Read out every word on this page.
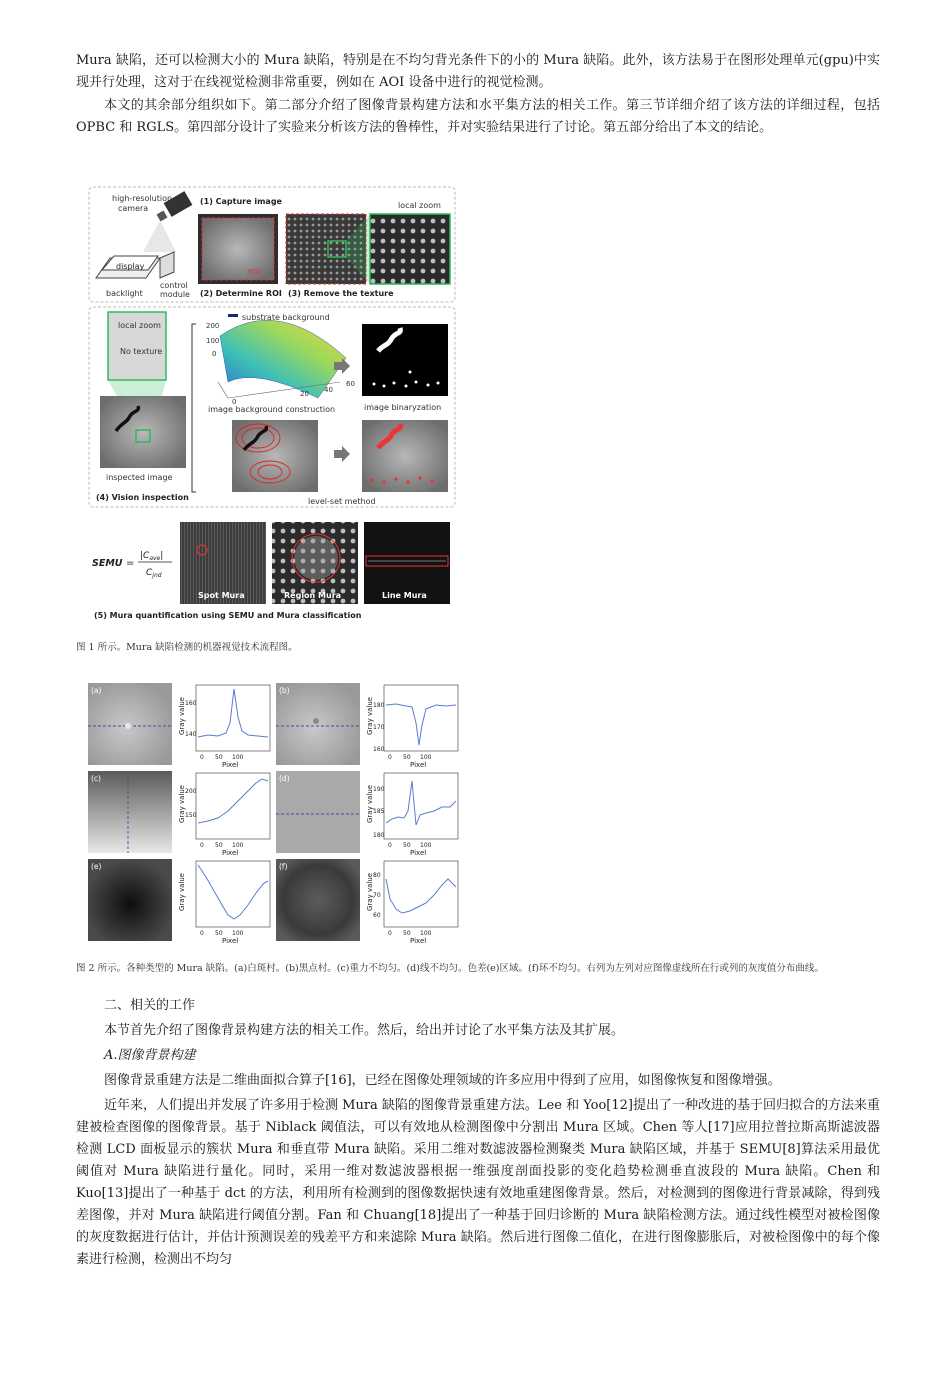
Mura 缺陷，还可以检测大小的 Mura 缺陷，特别是在不均匀背光条件下的小的 Mura 缺陷。此外，该方法易于在图形处理单元(gpu)中实现并行处理，这对于在线视觉检测非常重要，例如在 AOI 设备中进行的视觉检测。

本文的其余部分组织如下。第二部分介绍了图像背景构建方法和水平集方法的相关工作。第三节详细介绍了该方法的详细过程，包括 OPBC 和 RGLS。第四部分设计了实验来分析该方法的鲁棒性，并对实验结果进行了讨论。第五部分给出了本文的结论。

high-resolution
camera
display
backlight
control
module
(1) Capture image	local zoom
ROI
(2) Determine ROI (3) Remove the texture
local zoom
No texture
inspected image
(4) Vision inspection
substrate background
200
100
0
0
20 40
60
image background construction	image binaryzation
level-set method
SEMU =
$|C_{ave}|$
$C_{jnd}$
Spot Mura	Region Mura	Line Mura
(5) Mura quantification using SEMU and Mura classification

图 1 所示。Mura 缺陷检测的机器视觉技术流程图。

(a)
Gray value 160
140
0 50 100
Pixel
(b)
Gray value 180
170
160
0 50 100
Pixel
(c)
Gray value 200
150
0 50 100
Pixel
(d)
Gray value 190
185
180
0 50 100
Pixel
(e)
Gray value
0 50 100
Pixel
(f)
Gray value 80
70
60
0 50 100
Pixel

图 2 所示。各种类型的 Mura 缺陷。(a)白斑村。(b)黑点村。(c)重力不均匀。(d)线不均匀。色差(e)区域。(f)环不均匀。右列为左列对应图像虚线所在行或列的灰度值分布曲线。

二、相关的工作

本节首先介绍了图像背景构建方法的相关工作。然后，给出并讨论了水平集方法及其扩展。

A.图像背景构建

图像背景重建方法是二维曲面拟合算子[16]，已经在图像处理领域的许多应用中得到了应用，如图像恢复和图像增强。

近年来，人们提出并发展了许多用于检测 Mura 缺陷的图像背景重建方法。Lee 和 Yoo[12]提出了一种改进的基于回归拟合的方法来重建被检查图像的图像背景。基于 Niblack 阈值法，可以有效地从检测图像中分割出 Mura 区域。Chen 等人[17]应用拉普拉斯高斯滤波器检测 LCD 面板显示的簇状 Mura 和垂直带 Mura 缺陷。采用二维对数滤波器检测聚类 Mura 缺陷区域，并基于 SEMU[8]算法采用最优阈值对 Mura 缺陷进行量化。同时，采用一维对数滤波器根据一维强度剖面投影的变化趋势检测垂直波段的 Mura 缺陷。Chen 和 Kuo[13]提出了一种基于 dct 的方法，利用所有检测到的图像数据快速有效地重建图像背景。然后，对检测到的图像进行背景减除，得到残差图像，并对 Mura 缺陷进行阈值分割。Fan 和 Chuang[18]提出了一种基于回归诊断的 Mura 缺陷检测方法。通过线性模型对被检图像的灰度数据进行估计，并估计预测误差的残差平方和来滤除 Mura 缺陷。然后进行图像二值化，在进行图像膨胀后，对被检图像中的每个像素进行检测，检测出不均匀
